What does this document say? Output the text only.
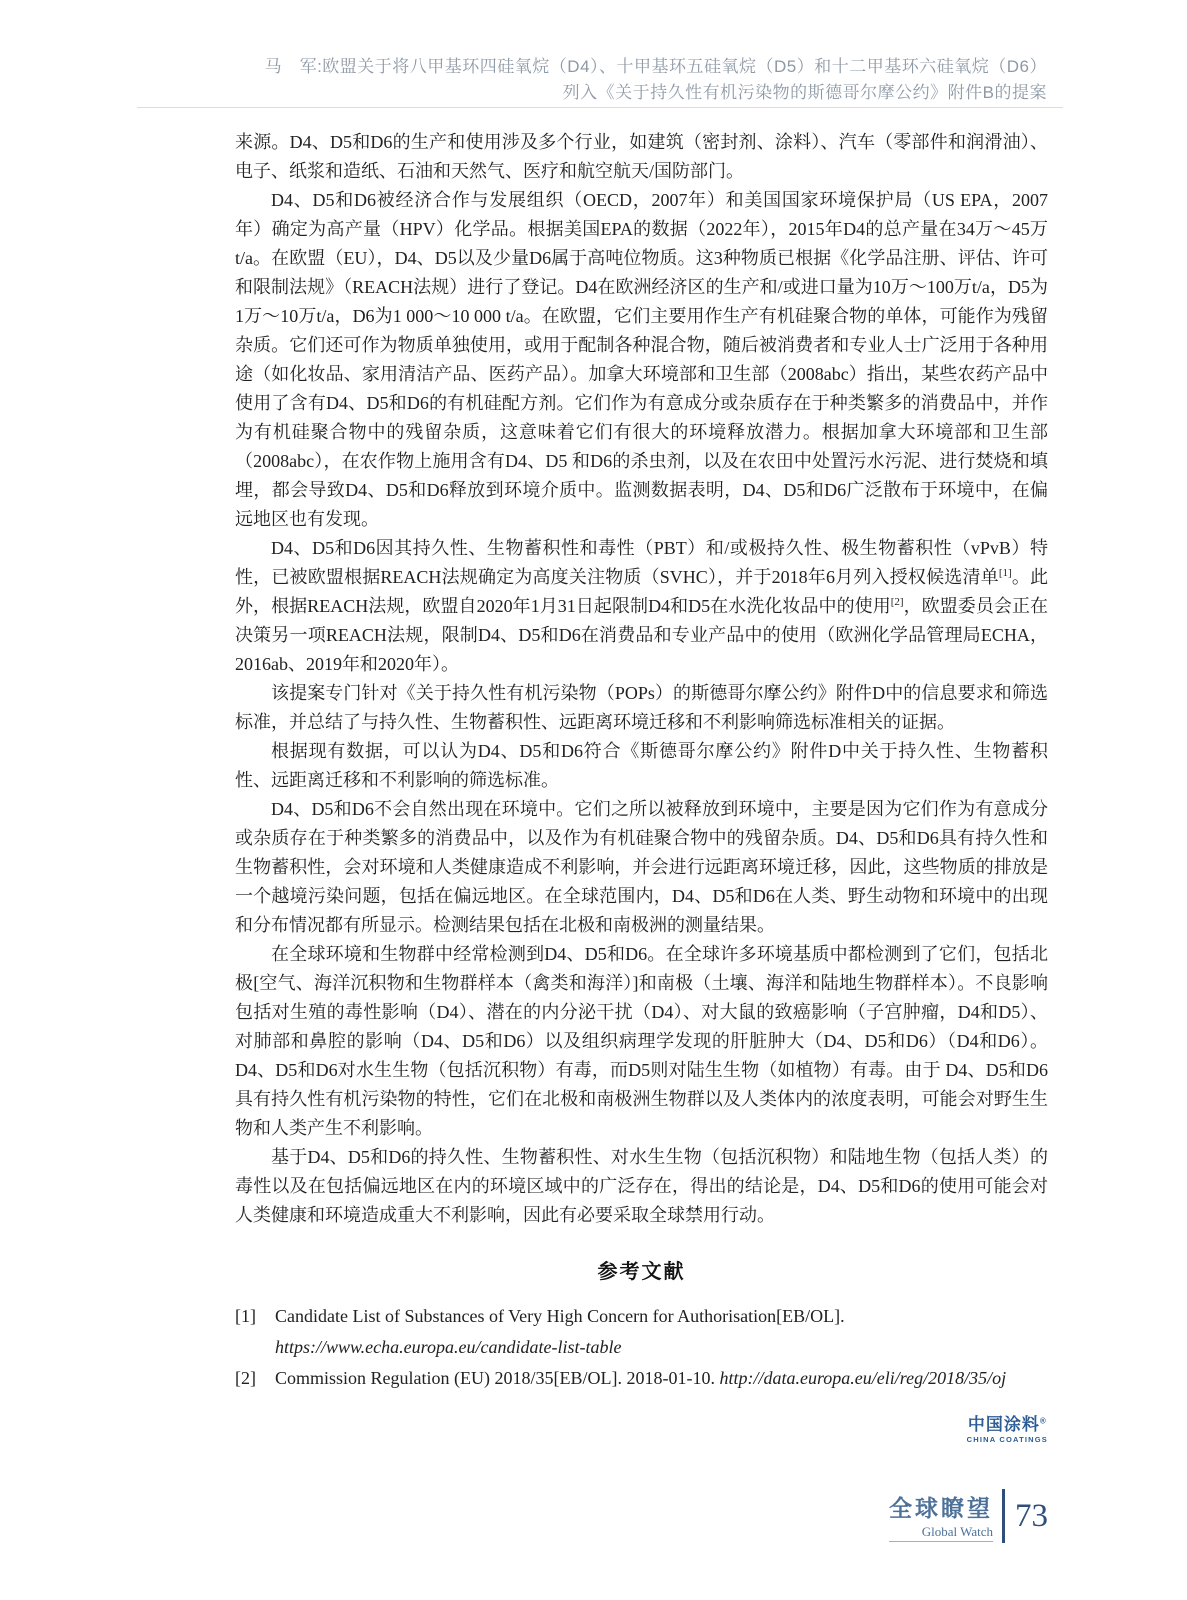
马　军:欧盟关于将八甲基环四硅氧烷（D4）、十甲基环五硅氧烷（D5）和十二甲基环六硅氧烷（D6）
列入《关于持久性有机污染物的斯德哥尔摩公约》附件B的提案

来源。D4、D5和D6的生产和使用涉及多个行业，如建筑（密封剂、涂料）、汽车（零部件和润滑油）、电子、纸浆和造纸、石油和天然气、医疗和航空航天/国防部门。

D4、D5和D6被经济合作与发展组织（OECD，2007年）和美国国家环境保护局（US EPA，2007年）确定为高产量（HPV）化学品。根据美国EPA的数据（2022年），2015年D4的总产量在34万～45万t/a。在欧盟（EU），D4、D5以及少量D6属于高吨位物质。这3种物质已根据《化学品注册、评估、许可和限制法规》（REACH法规）进行了登记。D4在欧洲经济区的生产和/或进口量为10万～100万t/a，D5为1万～10万t/a，D6为1 000～10 000 t/a。在欧盟，它们主要用作生产有机硅聚合物的单体，可能作为残留杂质。它们还可作为物质单独使用，或用于配制各种混合物，随后被消费者和专业人士广泛用于各种用途（如化妆品、家用清洁产品、医药产品）。加拿大环境部和卫生部（2008abc）指出，某些农药产品中使用了含有D4、D5和D6的有机硅配方剂。它们作为有意成分或杂质存在于种类繁多的消费品中，并作为有机硅聚合物中的残留杂质，这意味着它们有很大的环境释放潜力。根据加拿大环境部和卫生部（2008abc），在农作物上施用含有D4、D5 和D6的杀虫剂，以及在农田中处置污水污泥、进行焚烧和填埋，都会导致D4、D5和D6释放到环境介质中。监测数据表明，D4、D5和D6广泛散布于环境中，在偏远地区也有发现。

D4、D5和D6因其持久性、生物蓄积性和毒性（PBT）和/或极持久性、极生物蓄积性（vPvB）特性，已被欧盟根据REACH法规确定为高度关注物质（SVHC），并于2018年6月列入授权候选清单[1]。此外，根据REACH法规，欧盟自2020年1月31日起限制D4和D5在水洗化妆品中的使用[2]，欧盟委员会正在决策另一项REACH法规，限制D4、D5和D6在消费品和专业产品中的使用（欧洲化学品管理局ECHA，2016ab、2019年和2020年）。

该提案专门针对《关于持久性有机污染物（POPs）的斯德哥尔摩公约》附件D中的信息要求和筛选标准，并总结了与持久性、生物蓄积性、远距离环境迁移和不利影响筛选标准相关的证据。

根据现有数据，可以认为D4、D5和D6符合《斯德哥尔摩公约》附件D中关于持久性、生物蓄积性、远距离迁移和不利影响的筛选标准。

D4、D5和D6不会自然出现在环境中。它们之所以被释放到环境中，主要是因为它们作为有意成分或杂质存在于种类繁多的消费品中，以及作为有机硅聚合物中的残留杂质。D4、D5和D6具有持久性和生物蓄积性，会对环境和人类健康造成不利影响，并会进行远距离环境迁移，因此，这些物质的排放是一个越境污染问题，包括在偏远地区。在全球范围内，D4、D5和D6在人类、野生动物和环境中的出现和分布情况都有所显示。检测结果包括在北极和南极洲的测量结果。

在全球环境和生物群中经常检测到D4、D5和D6。在全球许多环境基质中都检测到了它们，包括北极[空气、海洋沉积物和生物群样本（禽类和海洋）]和南极（土壤、海洋和陆地生物群样本）。不良影响包括对生殖的毒性影响（D4）、潜在的内分泌干扰（D4）、对大鼠的致癌影响（子宫肿瘤，D4和D5）、对肺部和鼻腔的影响（D4、D5和D6）以及组织病理学发现的肝脏肿大（D4、D5和D6）（D4和D6）。D4、D5和D6对水生生物（包括沉积物）有毒，而D5则对陆生生物（如植物）有毒。由于 D4、D5和D6具有持久性有机污染物的特性，它们在北极和南极洲生物群以及人类体内的浓度表明，可能会对野生生物和人类产生不利影响。

基于D4、D5和D6的持久性、生物蓄积性、对水生生物（包括沉积物）和陆地生物（包括人类）的毒性以及在包括偏远地区在内的环境区域中的广泛存在，得出的结论是，D4、D5和D6的使用可能会对人类健康和环境造成重大不利影响，因此有必要采取全球禁用行动。

参考文献
[1] Candidate List of Substances of Very High Concern for Authorisation[EB/OL]. https://www.echa.europa.eu/candidate-list-table
[2] Commission Regulation (EU) 2018/35[EB/OL]. 2018-01-10. http://data.europa.eu/eli/reg/2018/35/oj
中国涂料®
CHINA COATINGS
全球瞭望
Global Watch 73
